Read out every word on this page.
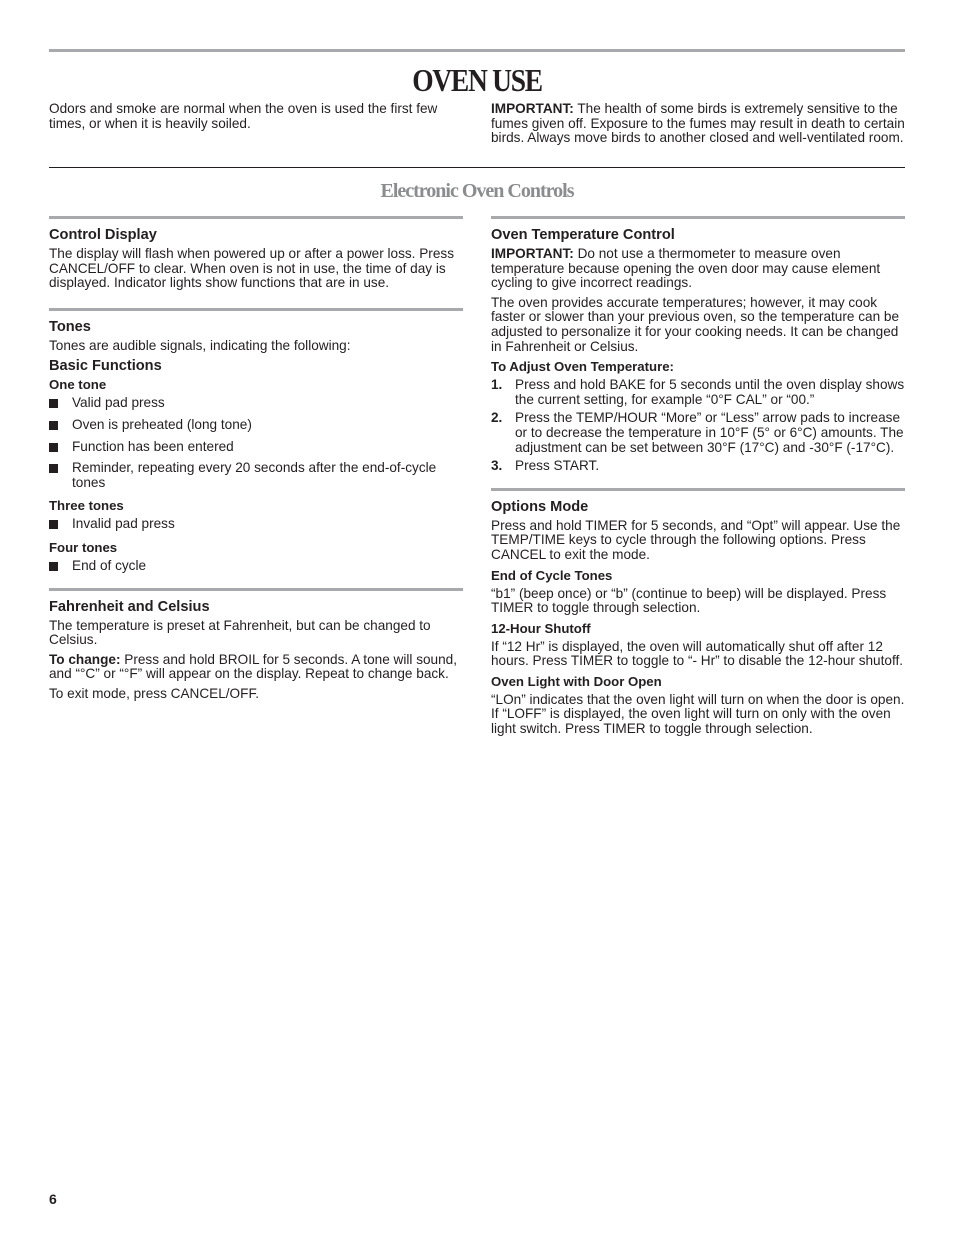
OVEN USE
Odors and smoke are normal when the oven is used the first few times, or when it is heavily soiled.
IMPORTANT: The health of some birds is extremely sensitive to the fumes given off. Exposure to the fumes may result in death to certain birds. Always move birds to another closed and well-ventilated room.
Electronic Oven Controls
Control Display

The display will flash when powered up or after a power loss. Press CANCEL/OFF to clear. When oven is not in use, the time of day is displayed. Indicator lights show functions that are in use.

Tones

Tones are audible signals, indicating the following:

Basic Functions
One tone
Valid pad press
Oven is preheated (long tone)
Function has been entered
Reminder, repeating every 20 seconds after the end-of-cycle tones
Three tones
Invalid pad press
Four tones
End of cycle
Fahrenheit and Celsius

The temperature is preset at Fahrenheit, but can be changed to Celsius.

To change: Press and hold BROIL for 5 seconds. A tone will sound, and “°C” or “°F” will appear on the display. Repeat to change back.

To exit mode, press CANCEL/OFF.

Oven Temperature Control

IMPORTANT: Do not use a thermometer to measure oven temperature because opening the oven door may cause element cycling to give incorrect readings.

The oven provides accurate temperatures; however, it may cook faster or slower than your previous oven, so the temperature can be adjusted to personalize it for your cooking needs. It can be changed in Fahrenheit or Celsius.

To Adjust Oven Temperature:
1. Press and hold BAKE for 5 seconds until the oven display shows the current setting, for example “0°F CAL” or “00.”
2. Press the TEMP/HOUR “More” or “Less” arrow pads to increase or to decrease the temperature in 10°F (5° or 6°C) amounts. The adjustment can be set between 30°F (17°C) and -30°F (-17°C).
3. Press START.
Options Mode

Press and hold TIMER for 5 seconds, and “Opt” will appear. Use the TEMP/TIME keys to cycle through the following options. Press CANCEL to exit the mode.

End of Cycle Tones

“b1” (beep once) or “b” (continue to beep) will be displayed. Press TIMER to toggle through selection.

12-Hour Shutoff

If “12 Hr” is displayed, the oven will automatically shut off after 12 hours. Press TIMER to toggle to “- Hr” to disable the 12-hour shutoff.

Oven Light with Door Open

“LOn” indicates that the oven light will turn on when the door is open. If “LOFF” is displayed, the oven light will turn on only with the oven light switch. Press TIMER to toggle through selection.

6
